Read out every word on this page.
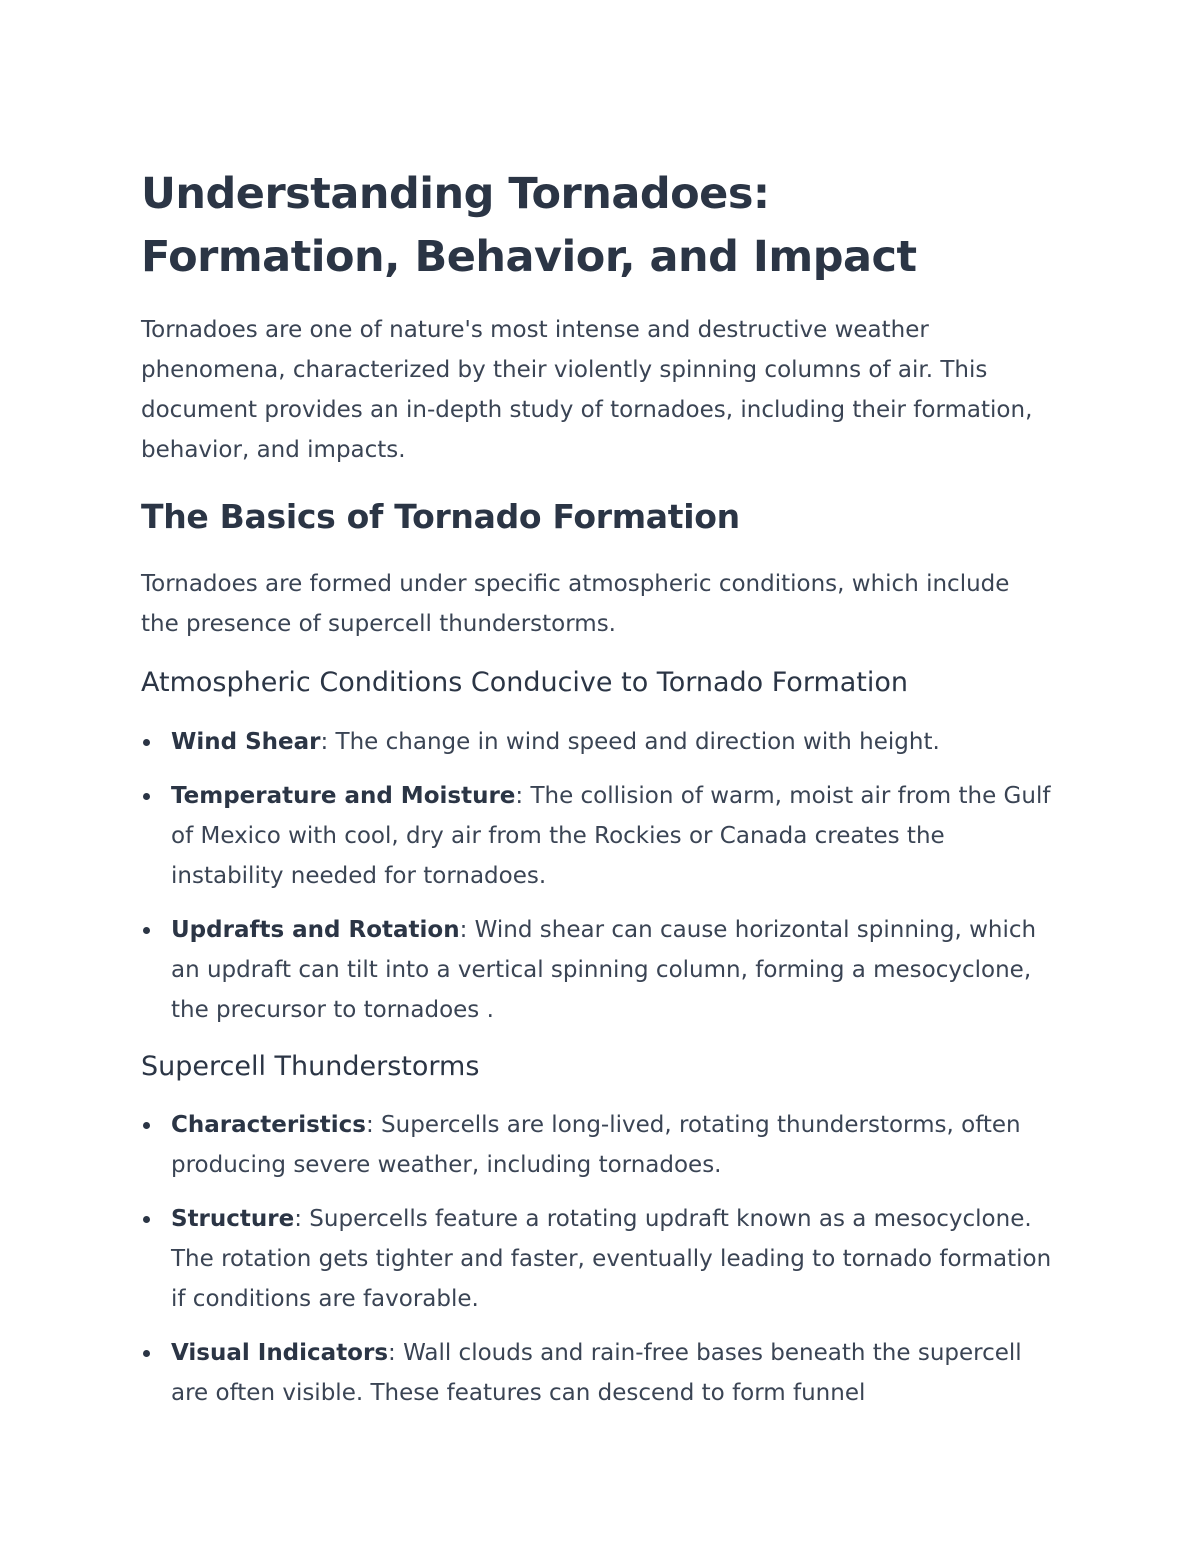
Understanding Tornadoes: Formation, Behavior, and Impact

Tornadoes are one of nature's most intense and destructive weather phenomena, characterized by their violently spinning columns of air. This document provides an in-depth study of tornadoes, including their formation, behavior, and impacts.

The Basics of Tornado Formation

Tornadoes are formed under specific atmospheric conditions, which include the presence of supercell thunderstorms.

Atmospheric Conditions Conducive to Tornado Formation
Wind Shear: The change in wind speed and direction with height.
Temperature and Moisture: The collision of warm, moist air from the Gulf of Mexico with cool, dry air from the Rockies or Canada creates the instability needed for tornadoes.
Updrafts and Rotation: Wind shear can cause horizontal spinning, which an updraft can tilt into a vertical spinning column, forming a mesocyclone, the precursor to tornadoes .
Supercell Thunderstorms
Characteristics: Supercells are long-lived, rotating thunderstorms, often producing severe weather, including tornadoes.
Structure: Supercells feature a rotating updraft known as a mesocyclone. The rotation gets tighter and faster, eventually leading to tornado formation if conditions are favorable.
Visual Indicators: Wall clouds and rain-free bases beneath the supercell are often visible. These features can descend to form funnel
